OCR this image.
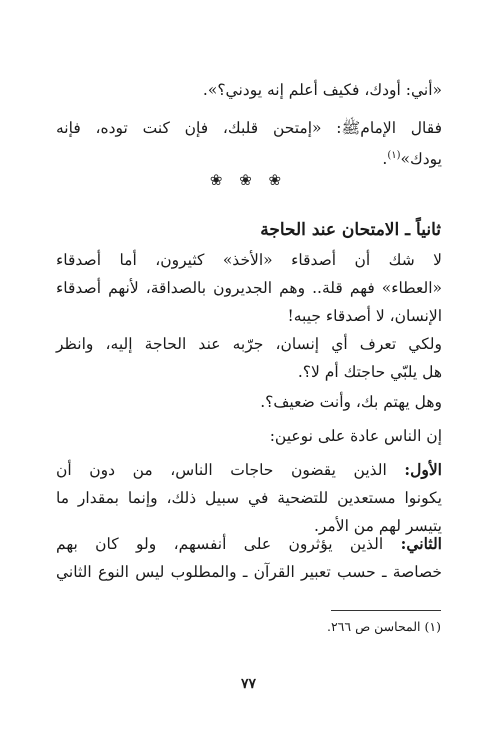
«أني: أودك، فكيف أعلم إنه يودني؟».
فقال الإمامﷺ: «إمتحن قلبك، فإن كنت توده، فإنه
يودك»$^{(١)}$.
❀ ❀ ❀
ثانياً ـ الامتحان عند الحاجة
لا شك أن أصدقاء «الأخذ» كثيرون، أما أصدقاء
«العطاء» فهم قلة.. وهم الجديرون بالصداقة، لأنهم أصدقاء
الإنسان، لا أصدقاء جيبه!
ولكي تعرف أي إنسان، جرّبه عند الحاجة إليه، وانظر
هل يلبّي حاجتك أم لا؟.
وهل يهتم بك، وأنت ضعيف؟.
إن الناس عادة على نوعين:
الأول: الذين يقضون حاجات الناس، من دون أن
يكونوا مستعدين للتضحية في سبيل ذلك، وإنما بمقدار ما
يتيسر لهم من الأمر.
الثاني: الذين يؤثرون على أنفسهم، ولو كان بهم
خصاصة ـ حسب تعبير القرآن ـ والمطلوب ليس النوع الثاني
(١) المحاسن ص ٢٦٦.
٧٧
